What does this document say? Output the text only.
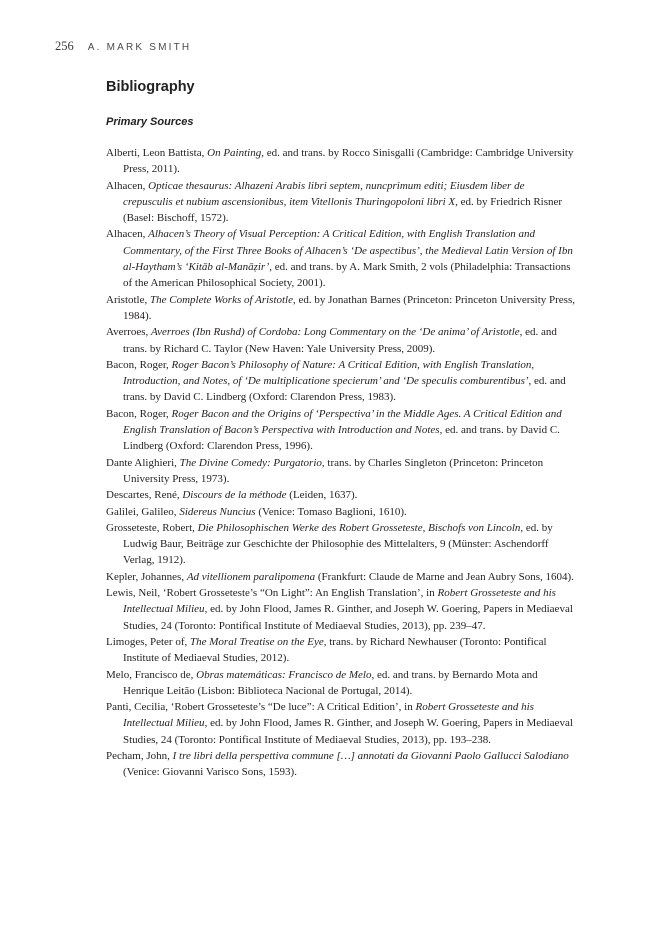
256 A. MARK SMITH
Bibliography
Primary Sources
Alberti, Leon Battista, On Painting, ed. and trans. by Rocco Sinisgalli (Cambridge: Cambridge University Press, 2011).
Alhacen, Opticae thesaurus: Alhazeni Arabis libri septem, nuncprimum editi; Eiusdem liber de crepusculis et nubium ascensionibus, item Vitellonis Thuringopoloni libri X, ed. by Friedrich Risner (Basel: Bischoff, 1572).
Alhacen, Alhacen’s Theory of Visual Perception: A Critical Edition, with English Translation and Commentary, of the First Three Books of Alhacen’s ‘De aspectibus’, the Medieval Latin Version of Ibn al-Haytham’s ‘Kitāb al-Manāẓir’, ed. and trans. by A. Mark Smith, 2 vols (Philadelphia: Transactions of the American Philosophical Society, 2001).
Aristotle, The Complete Works of Aristotle, ed. by Jonathan Barnes (Princeton: Princeton University Press, 1984).
Averroes, Averroes (Ibn Rushd) of Cordoba: Long Commentary on the ‘De anima’ of Aristotle, ed. and trans. by Richard C. Taylor (New Haven: Yale University Press, 2009).
Bacon, Roger, Roger Bacon’s Philosophy of Nature: A Critical Edition, with English Translation, Introduction, and Notes, of ‘De multiplicatione specierum’ and ‘De speculis comburentibus’, ed. and trans. by David C. Lindberg (Oxford: Clarendon Press, 1983).
Bacon, Roger, Roger Bacon and the Origins of ‘Perspectiva’ in the Middle Ages. A Critical Edition and English Translation of Bacon’s Perspectiva with Introduction and Notes, ed. and trans. by David C. Lindberg (Oxford: Clarendon Press, 1996).
Dante Alighieri, The Divine Comedy: Purgatorio, trans. by Charles Singleton (Princeton: Princeton University Press, 1973).
Descartes, René, Discours de la méthode (Leiden, 1637).
Galilei, Galileo, Sidereus Nuncius (Venice: Tomaso Baglioni, 1610).
Grosseteste, Robert, Die Philosophischen Werke des Robert Grosseteste, Bischofs von Lincoln, ed. by Ludwig Baur, Beiträge zur Geschichte der Philosophie des Mittelalters, 9 (Münster: Aschendorff Verlag, 1912).
Kepler, Johannes, Ad vitellionem paralipomena (Frankfurt: Claude de Marne and Jean Aubry Sons, 1604).
Lewis, Neil, ‘Robert Grosseteste’s “On Light”: An English Translation’, in Robert Grosseteste and his Intellectual Milieu, ed. by John Flood, James R. Ginther, and Joseph W. Goering, Papers in Mediaeval Studies, 24 (Toronto: Pontifical Institute of Mediaeval Studies, 2013), pp. 239–47.
Limoges, Peter of, The Moral Treatise on the Eye, trans. by Richard Newhauser (Toronto: Pontifical Institute of Mediaeval Studies, 2012).
Melo, Francisco de, Obras matemáticas: Francisco de Melo, ed. and trans. by Bernardo Mota and Henrique Leitão (Lisbon: Biblioteca Nacional de Portugal, 2014).
Panti, Cecilia, ‘Robert Grosseteste’s “De luce”: A Critical Edition’, in Robert Grosseteste and his Intellectual Milieu, ed. by John Flood, James R. Ginther, and Joseph W. Goering, Papers in Mediaeval Studies, 24 (Toronto: Pontifical Institute of Mediaeval Studies, 2013), pp. 193–238.
Pecham, John, I tre libri della perspettiva commune […] annotati da Giovanni Paolo Gallucci Salodiano (Venice: Giovanni Varisco Sons, 1593).
